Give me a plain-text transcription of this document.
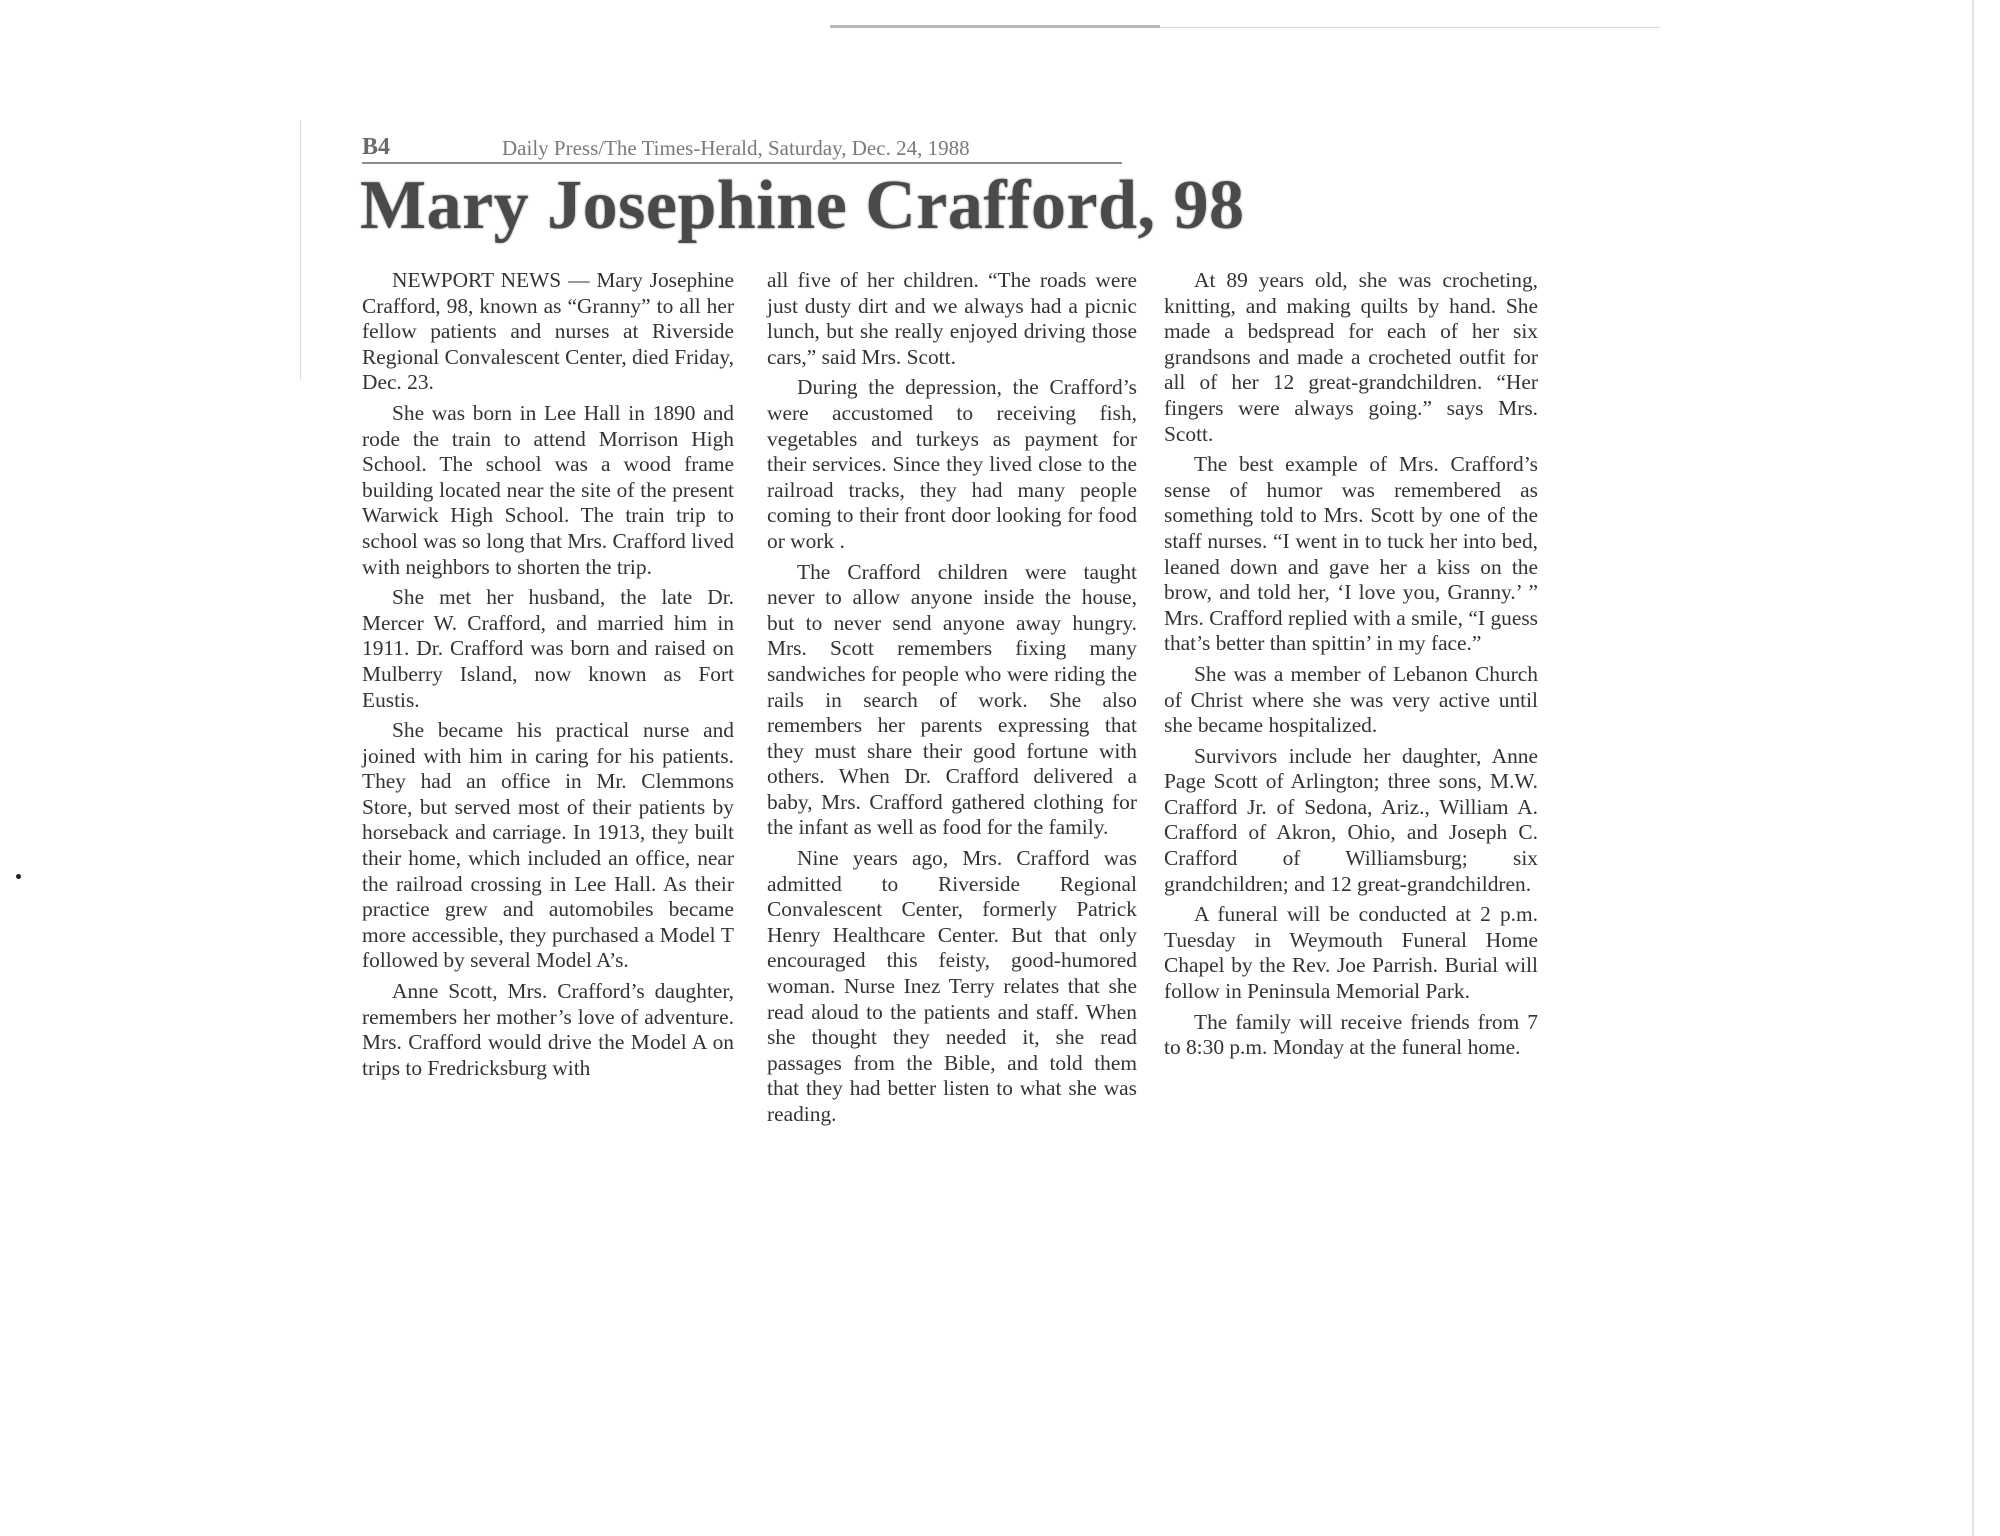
B4	Daily Press/The Times-Herald, Saturday, Dec. 24, 1988
Mary Josephine Crafford, 98

NEWPORT NEWS — Mary Josephine Crafford, 98, known as “Granny” to all her fellow patients and nurses at Riverside Regional Convalescent Center, died Friday, Dec. 23.

She was born in Lee Hall in 1890 and rode the train to attend Morrison High School. The school was a wood frame building located near the site of the present Warwick High School. The train trip to school was so long that Mrs. Crafford lived with neighbors to shorten the trip.

She met her husband, the late Dr. Mercer W. Crafford, and married him in 1911. Dr. Crafford was born and raised on Mulberry Island, now known as Fort Eustis.

She became his practical nurse and joined with him in caring for his patients. They had an office in Mr. Clemmons Store, but served most of their patients by horseback and carriage. In 1913, they built their home, which included an office, near the railroad crossing in Lee Hall. As their practice grew and automobiles became more accessible, they purchased a Model T followed by several Model A’s.

Anne Scott, Mrs. Crafford’s daughter, remembers her mother’s love of adventure. Mrs. Crafford would drive the Model A on trips to Fredricksburg with

all five of her children. “The roads were just dusty dirt and we always had a picnic lunch, but she really enjoyed driving those cars,” said Mrs. Scott.

During the depression, the Crafford’s were accustomed to receiving fish, vegetables and turkeys as payment for their services. Since they lived close to the railroad tracks, they had many people coming to their front door looking for food or work .

The Crafford children were taught never to allow anyone inside the house, but to never send anyone away hungry. Mrs. Scott remembers fixing many sandwiches for people who were riding the rails in search of work. She also remembers her parents expressing that they must share their good fortune with others. When Dr. Crafford delivered a baby, Mrs. Crafford gathered clothing for the infant as well as food for the family.

Nine years ago, Mrs. Crafford was admitted to Riverside Regional Convalescent Center, formerly Patrick Henry Healthcare Center. But that only encouraged this feisty, good-humored woman. Nurse Inez Terry relates that she read aloud to the patients and staff. When she thought they needed it, she read passages from the Bible, and told them that they had better listen to what she was reading.

At 89 years old, she was crocheting, knitting, and making quilts by hand. She made a bedspread for each of her six grandsons and made a crocheted outfit for all of her 12 great-grandchildren. “Her fingers were always going.” says Mrs. Scott.

The best example of Mrs. Crafford’s sense of humor was remembered as something told to Mrs. Scott by one of the staff nurses. “I went in to tuck her into bed, leaned down and gave her a kiss on the brow, and told her, ‘I love you, Granny.’ ” Mrs. Crafford replied with a smile, “I guess that’s better than spittin’ in my face.”

She was a member of Lebanon Church of Christ where she was very active until she became hospitalized.

Survivors include her daughter, Anne Page Scott of Arlington; three sons, M.W. Crafford Jr. of Sedona, Ariz., William A. Crafford of Akron, Ohio, and Joseph C. Crafford of Williamsburg; six grandchildren; and 12 great-grandchildren.

A funeral will be conducted at 2 p.m. Tuesday in Weymouth Funeral Home Chapel by the Rev. Joe Parrish. Burial will follow in Peninsula Memorial Park.

The family will receive friends from 7 to 8:30 p.m. Monday at the funeral home.
